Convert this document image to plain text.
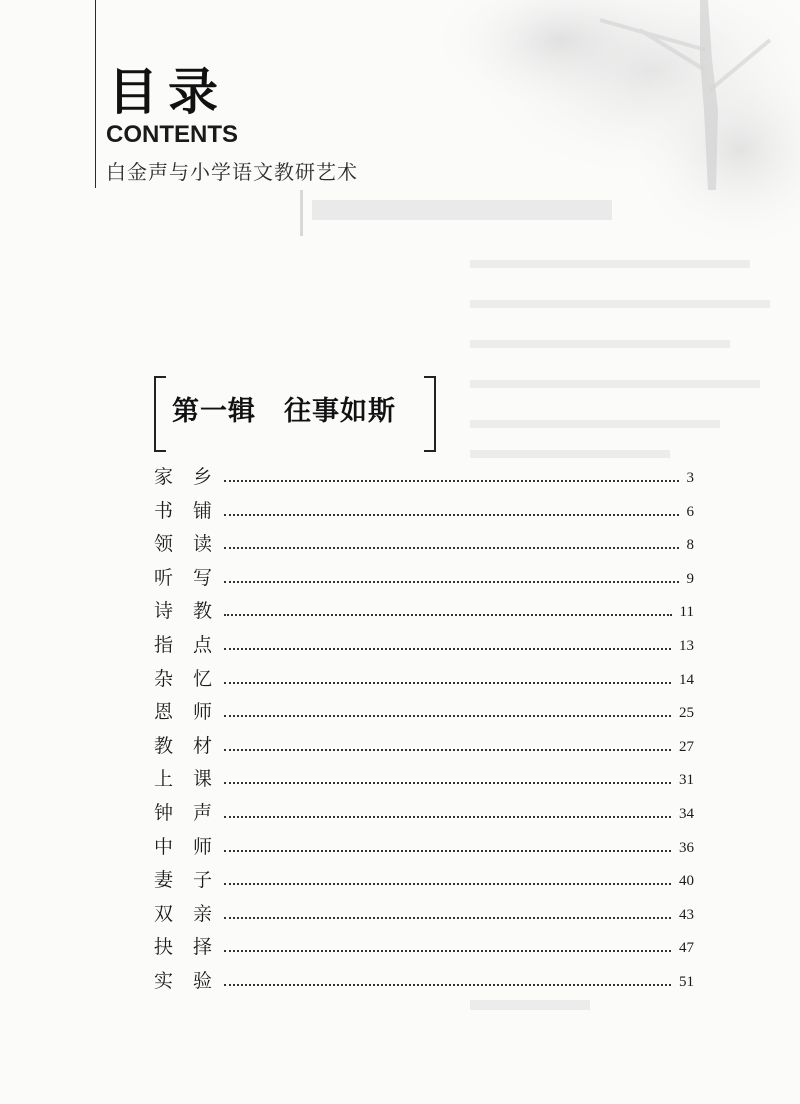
目录
CONTENTS
白金声与小学语文教研艺术
第一辑　往事如斯
家 乡	3
书 铺	6
领 读	8
听 写	9
诗 教	11
指 点	13
杂 忆	14
恩 师	25
教 材	27
上 课	31
钟 声	34
中 师	36
妻 子	40
双 亲	43
抉 择	47
实 验	51
